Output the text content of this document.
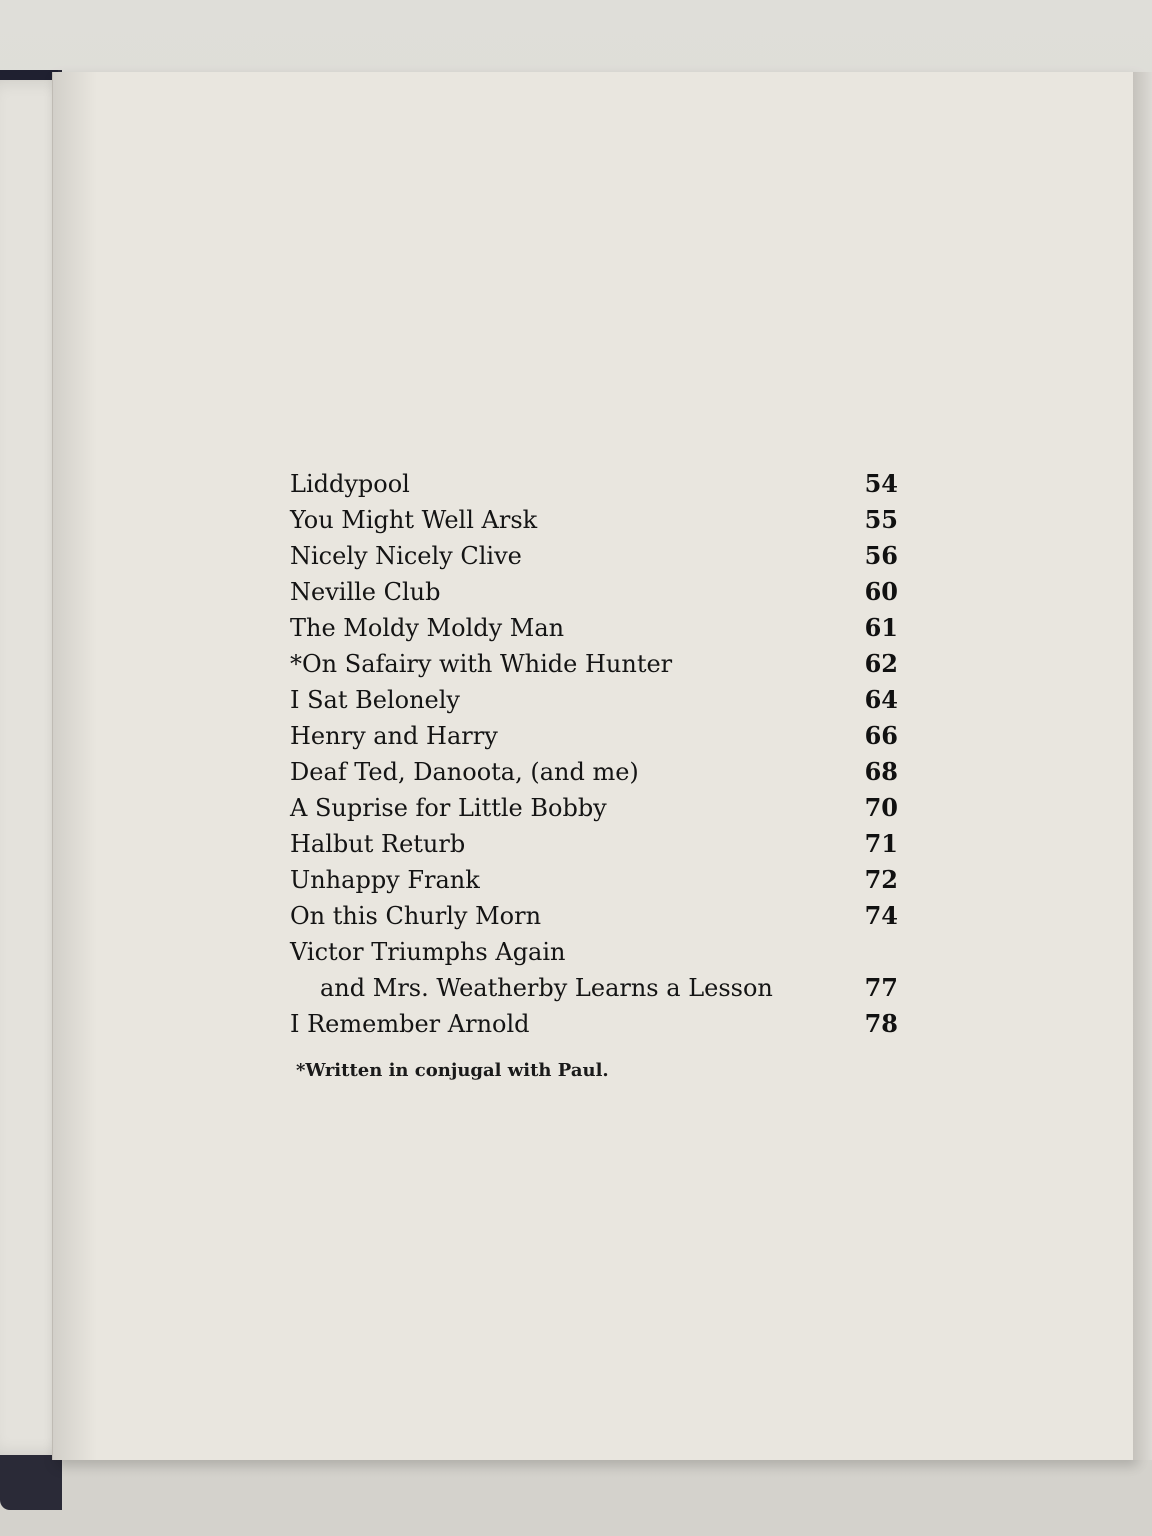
Liddypool	54
You Might Well Arsk	55
Nicely Nicely Clive	56
Neville Club	60
The Moldy Moldy Man	61
*On Safairy with Whide Hunter	62
I Sat Belonely	64
Henry and Harry	66
Deaf Ted, Danoota, (and me)	68
A Suprise for Little Bobby	70
Halbut Returb	71
Unhappy Frank	72
On this Churly Morn	74
Victor Triumphs Again
and Mrs. Weatherby Learns a Lesson	77
I Remember Arnold	78
*Written in conjugal with Paul.
